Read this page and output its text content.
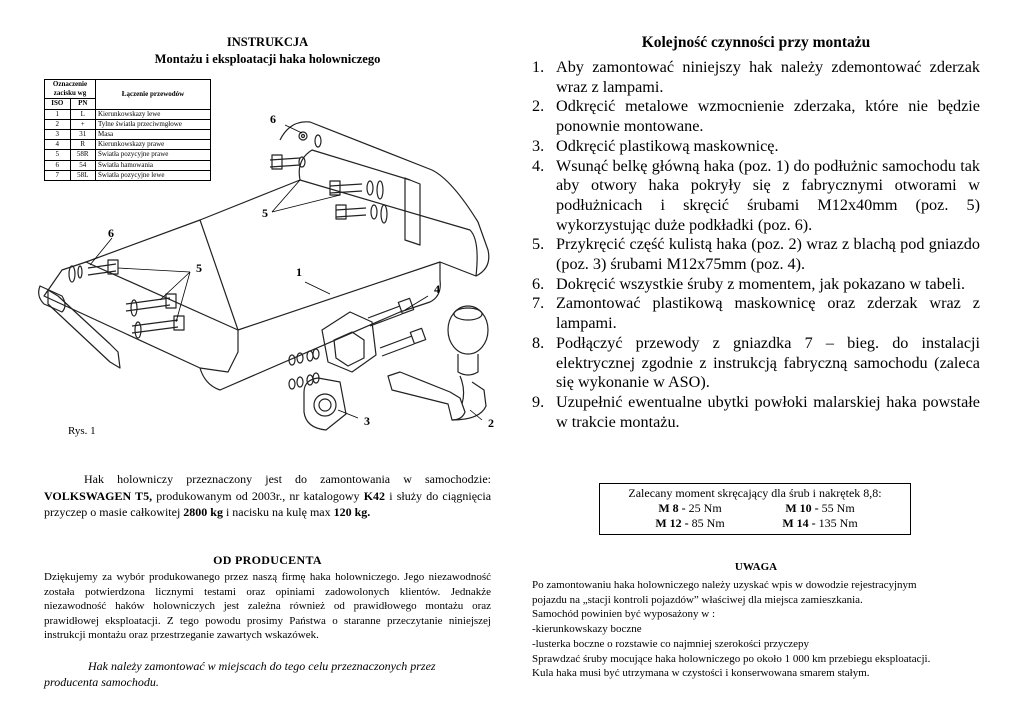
INSTRUKCJA
Montażu i eksploatacji haka holowniczego
Oznaczenie zacisku wg		Łączenie przewodów
ISO	PN	
1	L	Kierunkowskazy lewe
2	+	Tylne światła przeciwmgłowe
3	31	Masa
4	R	Kierunkowskazy prawe
5	58R	Światła pozycyjne prawe
6	54	Światła hamowania
7	58L	Światła pozycyjne lewe
6
5
6
5	1
4
3	2
Rys. 1

Hak holowniczy przeznaczony jest do zamontowania w samochodzie: VOLKSWAGEN T5, produkowanym od 2003r., nr katalogowy K42 i służy do ciągnięcia przyczep o masie całkowitej 2800 kg i nacisku na kulę max 120 kg.

OD PRODUCENTA
Dziękujemy za wybór produkowanego przez naszą firmę haka holowniczego. Jego niezawodność została potwierdzona licznymi testami oraz opiniami zadowolonych klientów. Jednakże niezawodność haków holowniczych jest zależna również od prawidłowego montażu oraz prawidłowej eksploatacji. Z tego powodu prosimy Państwa o staranne przeczytanie niniejszej instrukcji montażu oraz przestrzeganie zawartych wskazówek.
Hak należy zamontować w miejscach do tego celu przeznaczonych przez
producenta samochodu.
Kolejność czynności przy montażu
1. Aby zamontować niniejszy hak należy zdemontować zderzak wraz z lampami.
2. Odkręcić metalowe wzmocnienie zderzaka, które nie będzie ponownie montowane.
3. Odkręcić plastikową maskownicę.
4. Wsunąć belkę główną haka (poz. 1) do podłużnic samochodu tak aby otwory haka pokryły się z fabrycznymi otworami w podłużnicach i skręcić śrubami M12x40mm (poz. 5) wykorzystując duże podkładki (poz. 6).
5. Przykręcić część kulistą haka (poz. 2) wraz z blachą pod gniazdo (poz. 3) śrubami M12x75mm (poz. 4).
6. Dokręcić wszystkie śruby z momentem, jak pokazano w tabeli.
7. Zamontować plastikową maskownicę oraz zderzak wraz z lampami.
8. Podłączyć przewody z gniazdka 7 – bieg. do instalacji elektrycznej zgodnie z instrukcją fabryczną samochodu (zaleca się wykonanie w ASO).
9. Uzupełnić ewentualne ubytki powłoki malarskiej haka powstałe w trakcie montażu.
Zalecany moment skręcający dla śrub i nakrętek 8,8:
M 8 - 25 Nm	M 10 - 55 Nm
M 12 - 85 Nm	M 14 - 135 Nm
UWAGA
Po zamontowaniu haka holowniczego należy uzyskać wpis w dowodzie rejestracyjnym
pojazdu na „stacji kontroli pojazdów” właściwej dla miejsca zamieszkania.
Samochód powinien być wyposażony w :
-kierunkowskazy boczne
-lusterka boczne o rozstawie co najmniej szerokości przyczepy
Sprawdzać śruby mocujące haka holowniczego po około 1 000 km przebiegu eksploatacji.
Kula haka musi być utrzymana w czystości i konserwowana smarem stałym.
